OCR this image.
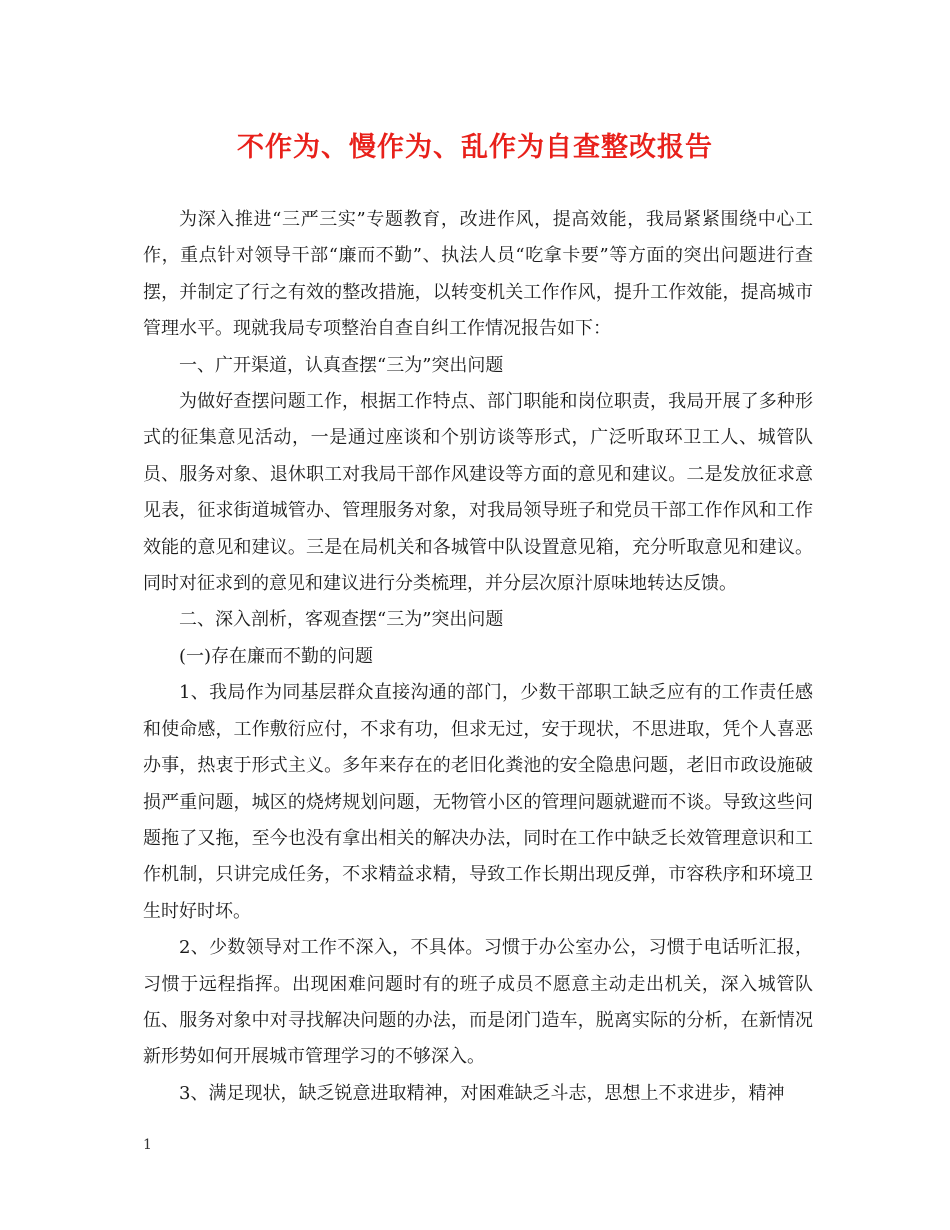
不作为、慢作为、乱作为自查整改报告

为深入推进“三严三实”专题教育，改进作风，提高效能，我局紧紧围绕中心工作，重点针对领导干部“廉而不勤”、执法人员“吃拿卡要”等方面的突出问题进行查摆，并制定了行之有效的整改措施，以转变机关工作作风，提升工作效能，提高城市管理水平。现就我局专项整治自查自纠工作情况报告如下：

一、广开渠道，认真查摆“三为”突出问题

为做好查摆问题工作，根据工作特点、部门职能和岗位职责，我局开展了多种形式的征集意见活动，一是通过座谈和个别访谈等形式，广泛听取环卫工人、城管队员、服务对象、退休职工对我局干部作风建设等方面的意见和建议。二是发放征求意见表，征求街道城管办、管理服务对象，对我局领导班子和党员干部工作作风和工作效能的意见和建议。三是在局机关和各城管中队设置意见箱，充分听取意见和建议。同时对征求到的意见和建议进行分类梳理，并分层次原汁原味地转达反馈。

二、深入剖析，客观查摆“三为”突出问题

(一)存在廉而不勤的问题

1、我局作为同基层群众直接沟通的部门，少数干部职工缺乏应有的工作责任感和使命感，工作敷衍应付，不求有功，但求无过，安于现状，不思进取，凭个人喜恶办事，热衷于形式主义。多年来存在的老旧化粪池的安全隐患问题，老旧市政设施破损严重问题，城区的烧烤规划问题，无物管小区的管理问题就避而不谈。导致这些问题拖了又拖，至今也没有拿出相关的解决办法，同时在工作中缺乏长效管理意识和工作机制，只讲完成任务，不求精益求精，导致工作长期出现反弹，市容秩序和环境卫生时好时坏。

2、少数领导对工作不深入，不具体。习惯于办公室办公，习惯于电话听汇报，习惯于远程指挥。出现困难问题时有的班子成员不愿意主动走出机关，深入城管队伍、服务对象中对寻找解决问题的办法，而是闭门造车，脱离实际的分析，在新情况新形势如何开展城市管理学习的不够深入。

3、满足现状，缺乏锐意进取精神，对困难缺乏斗志，思想上不求进步，精神

1
